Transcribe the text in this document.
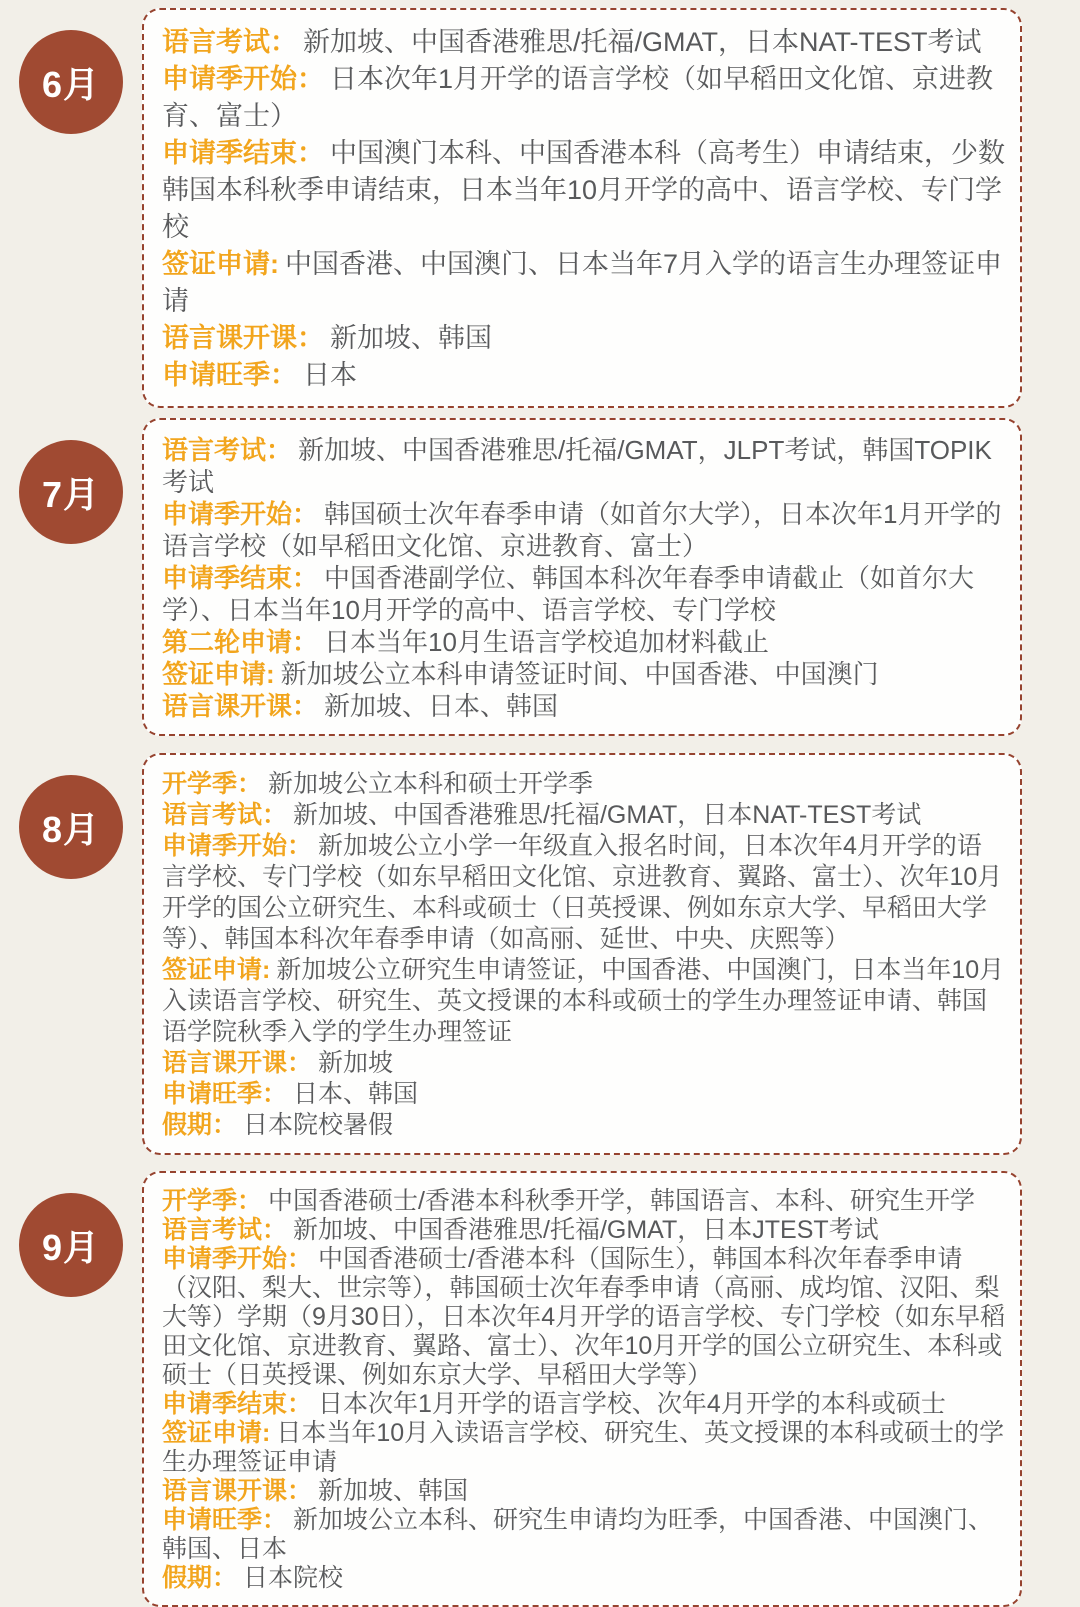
6月

语言考试： 新加坡、中国香港雅思/托福/GMAT，日本NAT-TEST考试

申请季开始： 日本次年1月开学的语言学校（如早稻田文化馆、京进教育、富士）

申请季结束： 中国澳门本科、中国香港本科（高考生）申请结束，少数韩国本科秋季申请结束，日本当年10月开学的高中、语言学校、专门学校

签证申请: 中国香港、中国澳门、日本当年7月入学的语言生办理签证申请

语言课开课： 新加坡、韩国

申请旺季： 日本

7月

语言考试： 新加坡、中国香港雅思/托福/GMAT，JLPT考试，韩国TOPIK考试

申请季开始： 韩国硕士次年春季申请（如首尔大学），日本次年1月开学的语言学校（如早稻田文化馆、京进教育、富士）

申请季结束： 中国香港副学位、韩国本科次年春季申请截止（如首尔大学）、日本当年10月开学的高中、语言学校、专门学校

第二轮申请： 日本当年10月生语言学校追加材料截止

签证申请: 新加坡公立本科申请签证时间、中国香港、中国澳门

语言课开课： 新加坡、日本、韩国

8月

开学季： 新加坡公立本科和硕士开学季

语言考试： 新加坡、中国香港雅思/托福/GMAT，日本NAT-TEST考试

申请季开始： 新加坡公立小学一年级直入报名时间，日本次年4月开学的语言学校、专门学校（如东早稻田文化馆、京进教育、翼路、富士）、次年10月开学的国公立研究生、本科或硕士（日英授课、例如东京大学、早稻田大学等）、韩国本科次年春季申请（如高丽、延世、中央、庆熙等）

签证申请: 新加坡公立研究生申请签证，中国香港、中国澳门，日本当年10月入读语言学校、研究生、英文授课的本科或硕士的学生办理签证申请、韩国语学院秋季入学的学生办理签证

语言课开课： 新加坡

申请旺季： 日本、韩国

假期： 日本院校暑假

9月

开学季： 中国香港硕士/香港本科秋季开学，韩国语言、本科、研究生开学

语言考试： 新加坡、中国香港雅思/托福/GMAT，日本JTEST考试

申请季开始： 中国香港硕士/香港本科（国际生），韩国本科次年春季申请（汉阳、梨大、世宗等），韩国硕士次年春季申请（高丽、成均馆、汉阳、梨大等）学期（9月30日），日本次年4月开学的语言学校、专门学校（如东早稻田文化馆、京进教育、翼路、富士）、次年10月开学的国公立研究生、本科或硕士（日英授课、例如东京大学、早稻田大学等）

申请季结束： 日本次年1月开学的语言学校、次年4月开学的本科或硕士

签证申请: 日本当年10月入读语言学校、研究生、英文授课的本科或硕士的学生办理签证申请

语言课开课： 新加坡、韩国

申请旺季： 新加坡公立本科、研究生申请均为旺季，中国香港、中国澳门、韩国、日本

假期： 日本院校
